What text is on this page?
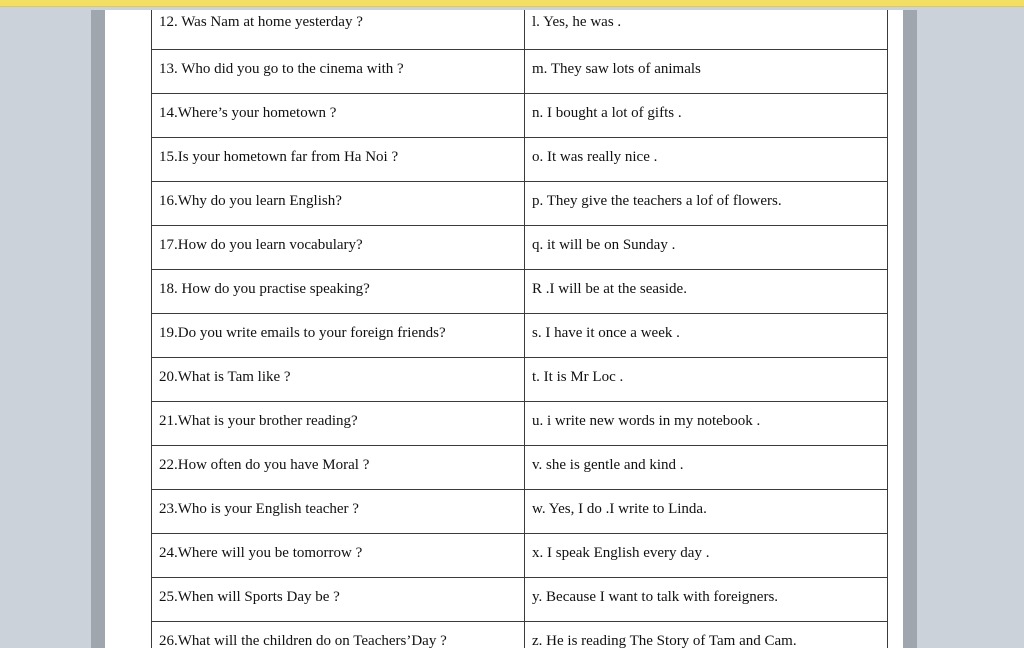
12. Was Nam at home yesterday ?	l. Yes, he was .

13. Who did you go to the cinema with ?	m. They saw lots of animals

14.Where’s your hometown ?	n. I bought a lot of gifts .

15.Is your hometown far from Ha Noi ?	o. It was really nice .

16.Why do you learn English?	p. They give the teachers a lof of flowers.

17.How do you learn vocabulary?	q. it will be on Sunday .

18. How do you practise speaking?	R .I will be at the seaside.

19.Do you write emails to your foreign friends?	s. I have it once a week .

20.What is Tam like ?	t. It is Mr Loc .

21.What is your brother reading?	u. i write new words in my notebook .

22.How often do you have Moral ?	v. she is gentle and kind .

23.Who is your English teacher ?	w. Yes, I do .I write to Linda.

24.Where will you be tomorrow ?	x. I speak English every day .

25.When will Sports Day be ?	y. Because I want to talk with foreigners.

26.What will the children do on Teachers’Day ?	z. He is reading The Story of Tam and Cam.
